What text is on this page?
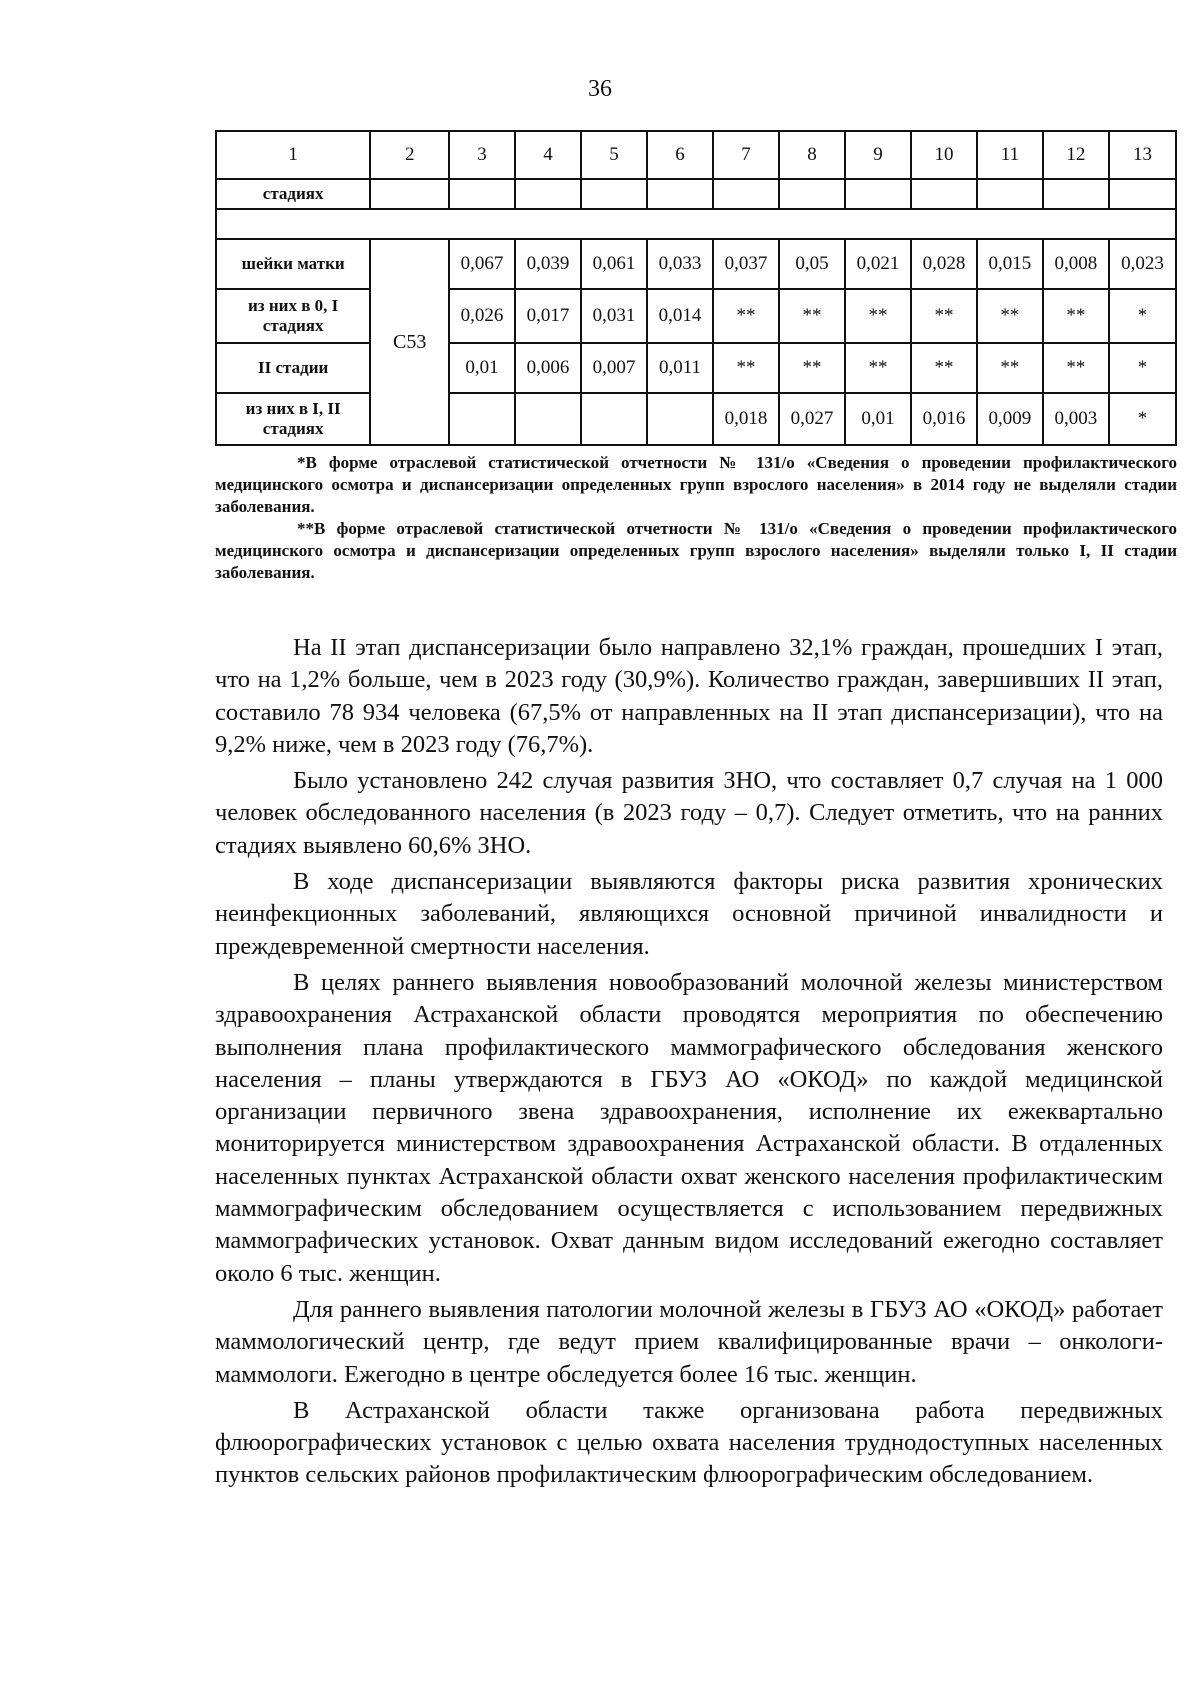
36
1	2	3	4	5	6	7	8	9	10	11	12	13
стадиях												

шейки матки	С53	0,067	0,039	0,061	0,033	0,037	0,05	0,021	0,028	0,015	0,008	0,023
из них в 0, I стадиях		0,026	0,017	0,031	0,014	**	**	**	**	**	**	*
II стадии		0,01	0,006	0,007	0,011	**	**	**	**	**	**	*
из них в I, II стадиях						0,018	0,027	0,01	0,016	0,009	0,003	*

*В форме отраслевой статистической отчетности № 131/о «Сведения о проведении профилактического медицинского осмотра и диспансеризации определенных групп взрослого населения» в 2014 году не выделяли стадии заболевания.

**В форме отраслевой статистической отчетности № 131/о «Сведения о проведении профилактического медицинского осмотра и диспансеризации определенных групп взрослого населения» выделяли только I, II стадии заболевания.

На II этап диспансеризации было направлено 32,1% граждан, прошедших I этап, что на 1,2% больше, чем в 2023 году (30,9%). Количество граждан, завершивших II этап, составило 78 934 человека (67,5% от направленных на II этап диспансеризации), что на 9,2% ниже, чем в 2023 году (76,7%).

Было установлено 242 случая развития ЗНО, что составляет 0,7 случая на 1 000 человек обследованного населения (в 2023 году – 0,7). Следует отметить, что на ранних стадиях выявлено 60,6% ЗНО.

В ходе диспансеризации выявляются факторы риска развития хронических неинфекционных заболеваний, являющихся основной причиной инвалидности и преждевременной смертности населения.

В целях раннего выявления новообразований молочной железы министерством здравоохранения Астраханской области проводятся мероприятия по обеспечению выполнения плана профилактического маммографического обследования женского населения – планы утверждаются в ГБУЗ АО «ОКОД» по каждой медицинской организации первичного звена здравоохранения, исполнение их ежеквартально мониторируется министерством здравоохранения Астраханской области. В отдаленных населенных пунктах Астраханской области охват женского населения профилактическим маммографическим обследованием осуществляется с использованием передвижных маммографических установок. Охват данным видом исследований ежегодно составляет около 6 тыс. женщин.

Для раннего выявления патологии молочной железы в ГБУЗ АО «ОКОД» работает маммологический центр, где ведут прием квалифицированные врачи – онкологи-маммологи. Ежегодно в центре обследуется более 16 тыс. женщин.

В Астраханской области также организована работа передвижных флюорографических установок с целью охвата населения труднодоступных населенных пунктов сельских районов профилактическим флюорографическим обследованием.
